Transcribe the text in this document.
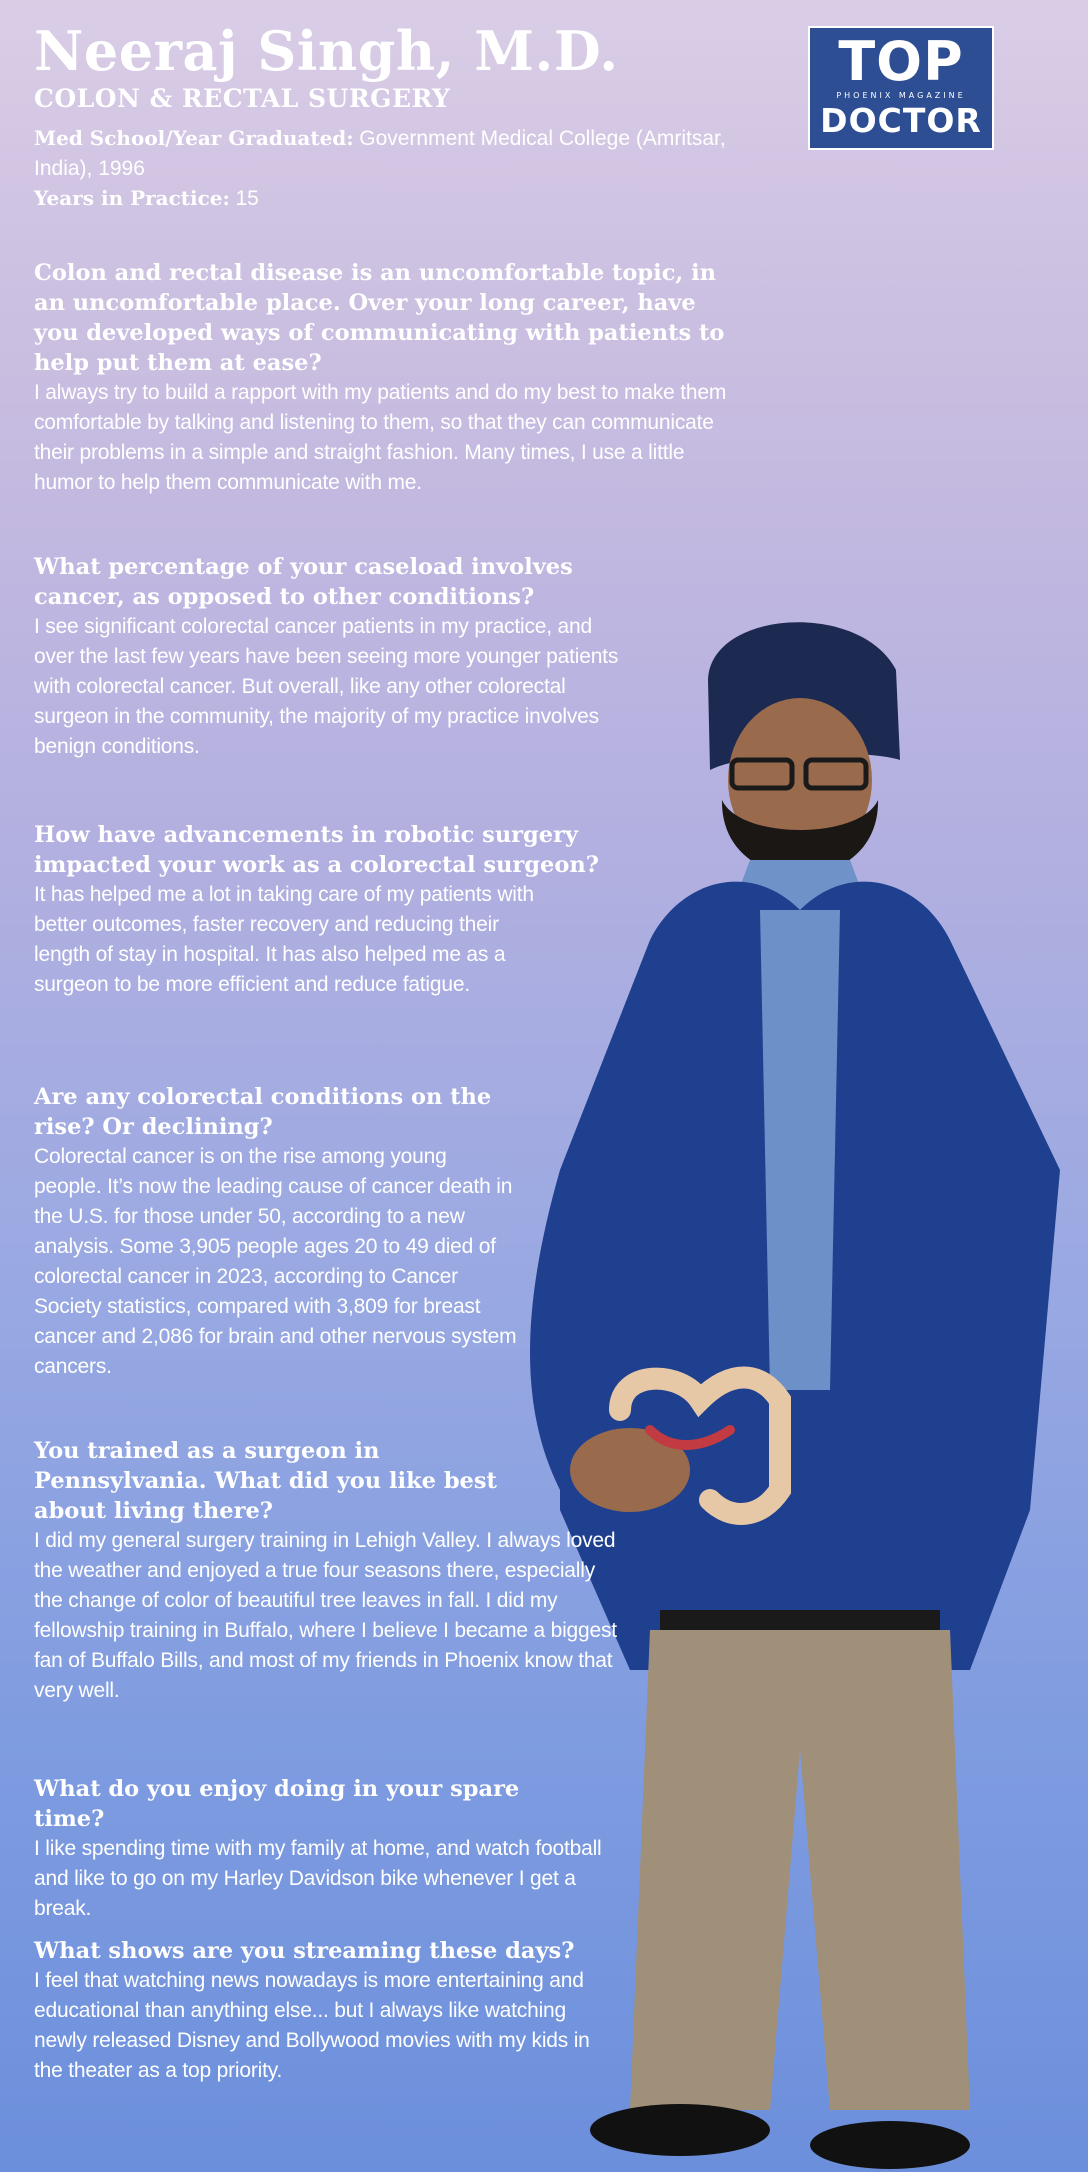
Neeraj Singh, M.D.
COLON & RECTAL SURGERY
Med School/Year Graduated: Government Medical College (Amritsar, India), 1996
Years in Practice: 15
TOP
PHOENIX MAGAZINE
DOCTOR

Colon and rectal disease is an uncomfortable topic, in an uncomfortable place. Over your long career, have you developed ways of communicating with patients to help put them at ease?

I always try to build a rapport with my patients and do my best to make them comfortable by talking and listening to them, so that they can communicate their problems in a simple and straight fashion. Many times, I use a little humor to help them communicate with me.

What percentage of your caseload involves cancer, as opposed to other conditions?

I see significant colorectal cancer patients in my practice, and over the last few years have been seeing more younger patients with colorectal cancer. But overall, like any other colorectal surgeon in the community, the majority of my practice involves benign conditions.

How have advancements in robotic surgery impacted your work as a colorectal surgeon?

It has helped me a lot in taking care of my patients with better outcomes, faster recovery and reducing their length of stay in hospital. It has also helped me as a surgeon to be more efficient and reduce fatigue.

Are any colorectal conditions on the rise? Or declining?

Colorectal cancer is on the rise among young people. It’s now the leading cause of cancer death in the U.S. for those under 50, according to a new analysis. Some 3,905 people ages 20 to 49 died of colorectal cancer in 2023, according to Cancer Society statistics, compared with 3,809 for breast cancer and 2,086 for brain and other nervous system cancers.

You trained as a surgeon in Pennsylvania. What did you like best about living there?

I did my general surgery training in Lehigh Valley. I always loved the weather and enjoyed a true four seasons there, especially the change of color of beautiful tree leaves in fall. I did my fellowship training in Buffalo, where I believe I became a biggest fan of Buffalo Bills, and most of my friends in Phoenix know that very well.

What do you enjoy doing in your spare time?

I like spending time with my family at home, and watch football and like to go on my Harley Davidson bike whenever I get a break.

What shows are you streaming these days?

I feel that watching news nowadays is more entertaining and educational than anything else... but I always like watching newly released Disney and Bollywood movies with my kids in the theater as a top priority.
